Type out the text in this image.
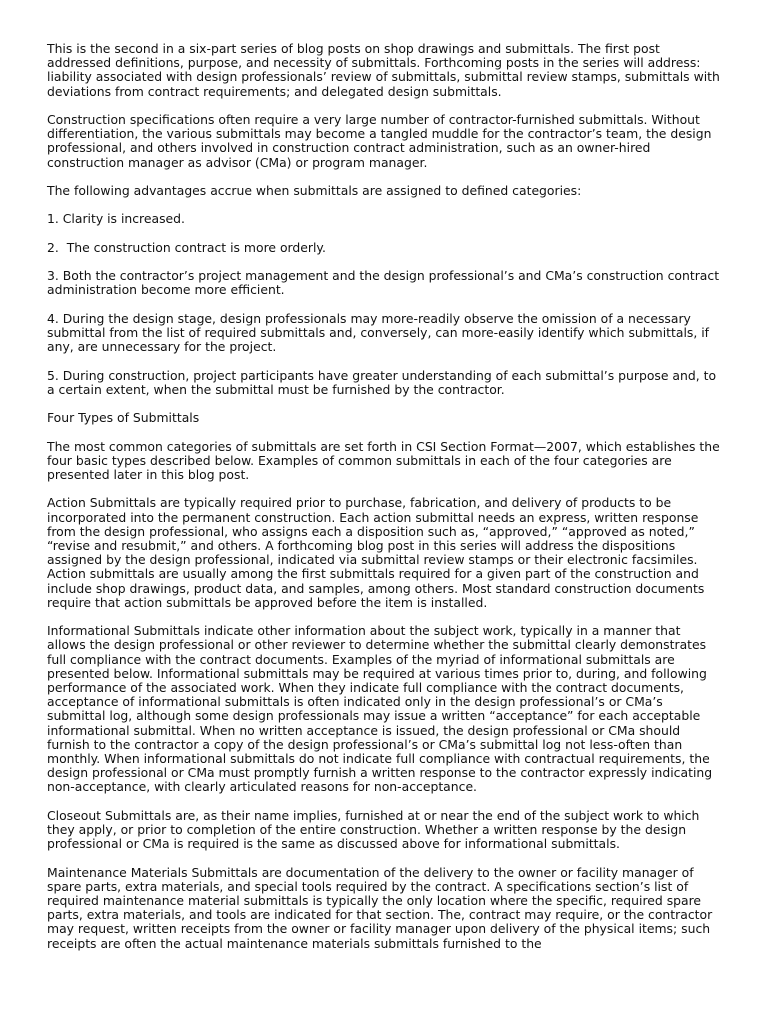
This is the second in a six-part series of blog posts on shop drawings and submittals. The first post addressed definitions, purpose, and necessity of submittals. Forthcoming posts in the series will address: liability associated with design professionals’ review of submittals, submittal review stamps, submittals with deviations from contract requirements; and delegated design submittals.

Construction specifications often require a very large number of contractor-furnished submittals. Without differentiation, the various submittals may become a tangled muddle for the contractor’s team, the design professional, and others involved in construction contract administration, such as an owner-hired construction manager as advisor (CMa) or program manager.

The following advantages accrue when submittals are assigned to defined categories:

1. Clarity is increased.

2.  The construction contract is more orderly.

3. Both the contractor’s project management and the design professional’s and CMa’s construction contract administration become more efficient.

4. During the design stage, design professionals may more-readily observe the omission of a necessary submittal from the list of required submittals and, conversely, can more-easily identify which submittals, if any, are unnecessary for the project.

5. During construction, project participants have greater understanding of each submittal’s purpose and, to a certain extent, when the submittal must be furnished by the contractor.

Four Types of Submittals

The most common categories of submittals are set forth in CSI Section Format—2007, which establishes the four basic types described below. Examples of common submittals in each of the four categories are presented later in this blog post.

Action Submittals are typically required prior to purchase, fabrication, and delivery of products to be incorporated into the permanent construction. Each action submittal needs an express, written response from the design professional, who assigns each a disposition such as, “approved,” “approved as noted,” “revise and resubmit,” and others. A forthcoming blog post in this series will address the dispositions assigned by the design professional, indicated via submittal review stamps or their electronic facsimiles. Action submittals are usually among the first submittals required for a given part of the construction and include shop drawings, product data, and samples, among others. Most standard construction documents require that action submittals be approved before the item is installed.

Informational Submittals indicate other information about the subject work, typically in a manner that allows the design professional or other reviewer to determine whether the submittal clearly demonstrates full compliance with the contract documents. Examples of the myriad of informational submittals are presented below. Informational submittals may be required at various times prior to, during, and following performance of the associated work. When they indicate full compliance with the contract documents, acceptance of informational submittals is often indicated only in the design professional’s or CMa’s submittal log, although some design professionals may issue a written “acceptance” for each acceptable informational submittal. When no written acceptance is issued, the design professional or CMa should furnish to the contractor a copy of the design professional’s or CMa’s submittal log not less-often than monthly. When informational submittals do not indicate full compliance with contractual requirements, the design professional or CMa must promptly furnish a written response to the contractor expressly indicating non-acceptance, with clearly articulated reasons for non-acceptance.

Closeout Submittals are, as their name implies, furnished at or near the end of the subject work to which they apply, or prior to completion of the entire construction. Whether a written response by the design professional or CMa is required is the same as discussed above for informational submittals.

Maintenance Materials Submittals are documentation of the delivery to the owner or facility manager of spare parts, extra materials, and special tools required by the contract. A specifications section’s list of required maintenance material submittals is typically the only location where the specific, required spare parts, extra materials, and tools are indicated for that section. The, contract may require, or the contractor may request, written receipts from the owner or facility manager upon delivery of the physical items; such receipts are often the actual maintenance materials submittals furnished to the
